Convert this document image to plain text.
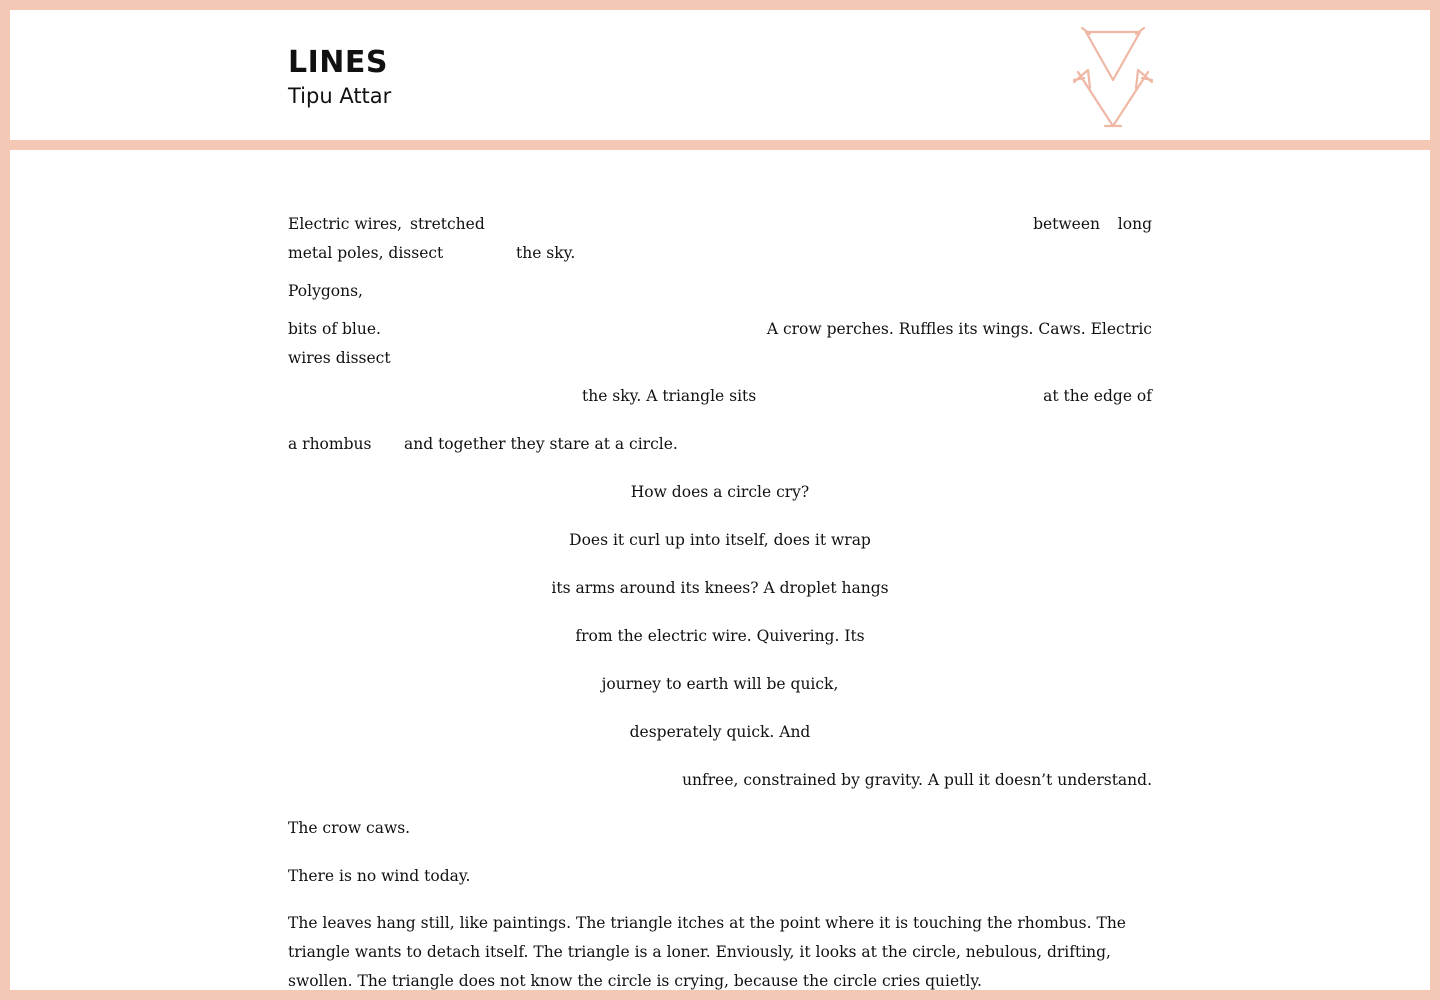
LINES
Tipu Attar
Electric wires, stretched	between long
metal poles, dissect	the sky.
Polygons,
bits of blue.	A crow perches. Ruffles its wings. Caws. Electric
wires dissect
the sky. A triangle sits	at the edge of
a rhombus and together they stare at a circle.
How does a circle cry?
Does it curl up into itself, does it wrap
its arms around its knees? A droplet hangs
from the electric wire. Quivering. Its
journey to earth will be quick,
desperately quick. And
unfree, constrained by gravity. A pull it doesn’t understand.
The crow caws.
There is no wind today.
The leaves hang still, like paintings. The triangle itches at the point where it is touching the rhombus. The
triangle wants to detach itself. The triangle is a loner. Enviously, it looks at the circle, nebulous, drifting,
swollen. The triangle does not know the circle is crying, because the circle cries quietly.
